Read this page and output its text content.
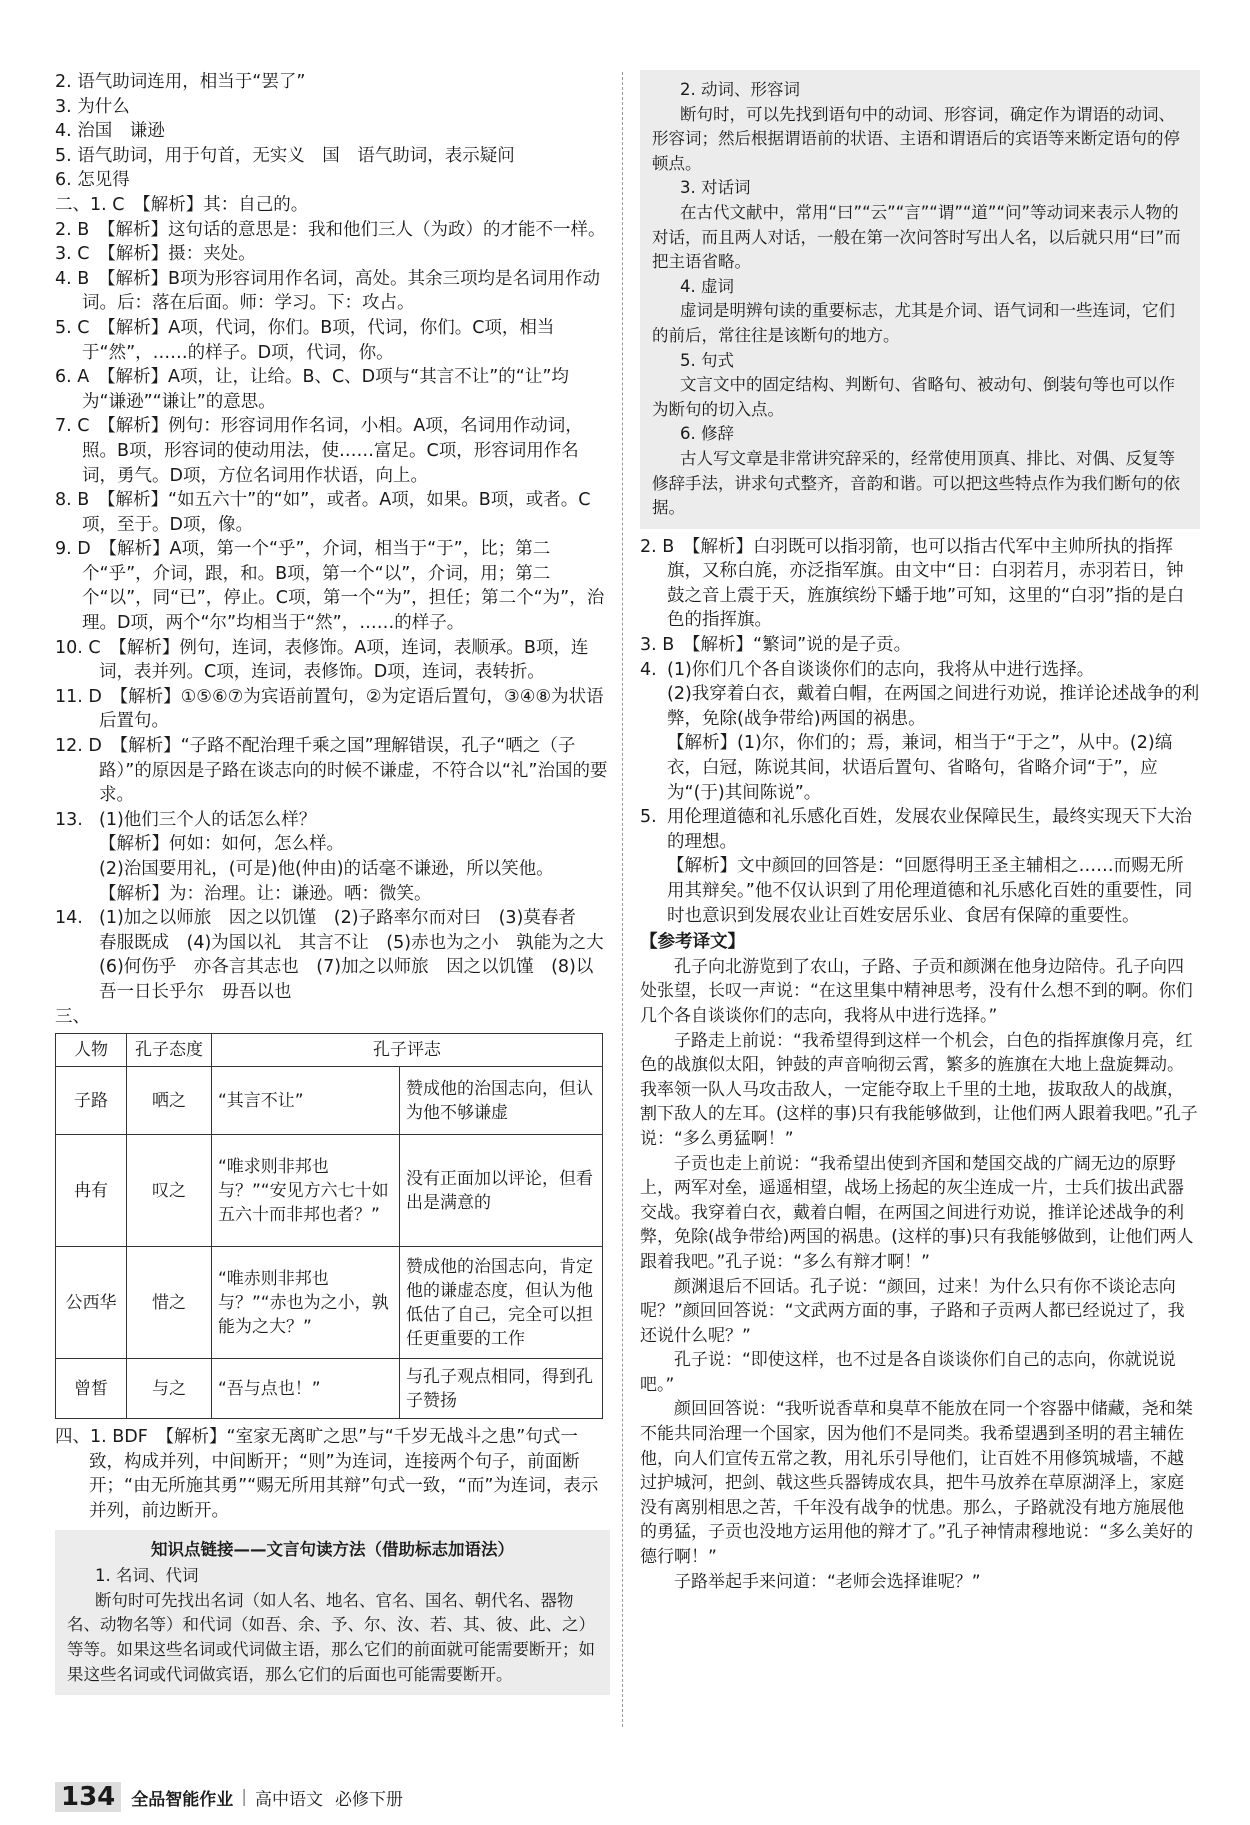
2. 语气助词连用，相当于“罢了”

3. 为什么

4. 治国　谦逊

5. 语气助词，用于句首，无实义　国　语气助词，表示疑问

6. 怎见得

二、1. C　【解析】其：自己的。

2. B　【解析】这句话的意思是：我和他们三人（为政）的才能不一样。

3. C　【解析】摄：夹处。

4. B　【解析】B项为形容词用作名词，高处。其余三项均是名词用作动词。后：落在后面。师：学习。下：攻占。

5. C　【解析】A项，代词，你们。B项，代词，你们。C项，相当于“然”，……的样子。D项，代词，你。

6. A　【解析】A项，让，让给。B、C、D项与“其言不让”的“让”均为“谦逊”“谦让”的意思。

7. C　【解析】例句：形容词用作名词，小相。A项，名词用作动词，照。B项，形容词的使动用法，使……富足。C项，形容词用作名词，勇气。D项，方位名词用作状语，向上。

8. B　【解析】“如五六十”的“如”，或者。A项，如果。B项，或者。C项，至于。D项，像。

9. D　【解析】A项，第一个“乎”，介词，相当于“于”，比；第二个“乎”，介词，跟，和。B项，第一个“以”，介词，用；第二个“以”，同“已”，停止。C项，第一个“为”，担任；第二个“为”，治理。D项，两个“尔”均相当于“然”，……的样子。

10. C　【解析】例句，连词，表修饰。A项，连词，表顺承。B项，连词，表并列。C项，连词，表修饰。D项，连词，表转折。

11. D　【解析】①⑤⑥⑦为宾语前置句，②为定语后置句，③④⑧为状语后置句。

12. D　【解析】“子路不配治理千乘之国”理解错误，孔子“哂之（子路）”的原因是子路在谈志向的时候不谦虚，不符合以“礼”治国的要求。

13. (1)他们三个人的话怎么样？

【解析】何如：如何，怎么样。

(2)治国要用礼，(可是)他(仲由)的话毫不谦逊，所以笑他。

【解析】为：治理。让：谦逊。哂：微笑。

14. (1)加之以师旅　因之以饥馑　(2)子路率尔而对曰　(3)莫春者　春服既成　(4)为国以礼　其言不让　(5)赤也为之小　孰能为之大　(6)何伤乎　亦各言其志也　(7)加之以师旅　因之以饥馑　(8)以吾一日长乎尔　毋吾以也

三、

人物	孔子态度	孔子评志	
子路	哂之	“其言不让”	赞成他的治国志向，但认为他不够谦虚
冉有	叹之	“唯求则非邦也与？”“安见方六七十如五六十而非邦也者？”	没有正面加以评论，但看出是满意的
公西华	惜之	“唯赤则非邦也与？”“赤也为之小，孰能为之大？”	赞成他的治国志向，肯定他的谦虚态度，但认为他低估了自己，完全可以担任更重要的工作
曾皙	与之	“吾与点也！”	与孔子观点相同，得到孔子赞扬

四、1. BDF　【解析】“室家无离旷之思”与“千岁无战斗之患”句式一致，构成并列，中间断开；“则”为连词，连接两个句子，前面断开；“由无所施其勇”“赐无所用其辩”句式一致，“而”为连词，表示并列，前边断开。

知识点链接——文言句读方法（借助标志加语法）

1. 名词、代词

断句时可先找出名词（如人名、地名、官名、国名、朝代名、器物名、动物名等）和代词（如吾、余、予、尔、汝、若、其、彼、此、之）等等。如果这些名词或代词做主语，那么它们的前面就可能需要断开；如果这些名词或代词做宾语，那么它们的后面也可能需要断开。

2. 动词、形容词

断句时，可以先找到语句中的动词、形容词，确定作为谓语的动词、形容词；然后根据谓语前的状语、主语和谓语后的宾语等来断定语句的停顿点。

3. 对话词

在古代文献中，常用“曰”“云”“言”“谓”“道”“问”等动词来表示人物的对话，而且两人对话，一般在第一次问答时写出人名，以后就只用“曰”而把主语省略。

4. 虚词

虚词是明辨句读的重要标志，尤其是介词、语气词和一些连词，它们的前后，常往往是该断句的地方。

5. 句式

文言文中的固定结构、判断句、省略句、被动句、倒装句等也可以作为断句的切入点。

6. 修辞

古人写文章是非常讲究辞采的，经常使用顶真、排比、对偶、反复等修辞手法，讲求句式整齐，音韵和谐。可以把这些特点作为我们断句的依据。

2. B　【解析】白羽既可以指羽箭，也可以指古代军中主帅所执的指挥旗，又称白旄，亦泛指军旗。由文中“日：白羽若月，赤羽若日，钟鼓之音上震于天，旌旗缤纷下蟠于地”可知，这里的“白羽”指的是白色的指挥旗。

3. B　【解析】“繁词”说的是子贡。

4. (1)你们几个各自谈谈你们的志向，我将从中进行选择。

(2)我穿着白衣，戴着白帽，在两国之间进行劝说，推详论述战争的利弊，免除(战争带给)两国的祸患。

【解析】(1)尔，你们的；焉，兼词，相当于“于之”，从中。(2)缟衣，白冠，陈说其间，状语后置句、省略句，省略介词“于”，应为“(于)其间陈说”。

5. 用伦理道德和礼乐感化百姓，发展农业保障民生，最终实现天下大治的理想。

【解析】文中颜回的回答是：“回愿得明王圣主辅相之……而赐无所用其辩矣。”他不仅认识到了用伦理道德和礼乐感化百姓的重要性，同时也意识到发展农业让百姓安居乐业、食居有保障的重要性。

【参考译文】

孔子向北游览到了农山，子路、子贡和颜渊在他身边陪侍。孔子向四处张望，长叹一声说：“在这里集中精神思考，没有什么想不到的啊。你们几个各自谈谈你们的志向，我将从中进行选择。”

子路走上前说：“我希望得到这样一个机会，白色的指挥旗像月亮，红色的战旗似太阳，钟鼓的声音响彻云霄，繁多的旌旗在大地上盘旋舞动。我率领一队人马攻击敌人，一定能夺取上千里的土地，拔取敌人的战旗，割下敌人的左耳。(这样的事)只有我能够做到，让他们两人跟着我吧。”孔子说：“多么勇猛啊！”

子贡也走上前说：“我希望出使到齐国和楚国交战的广阔无边的原野上，两军对垒，遥遥相望，战场上扬起的灰尘连成一片，士兵们拔出武器交战。我穿着白衣，戴着白帽，在两国之间进行劝说，推详论述战争的利弊，免除(战争带给)两国的祸患。(这样的事)只有我能够做到，让他们两人跟着我吧。”孔子说：“多么有辩才啊！”

颜渊退后不回话。孔子说：“颜回，过来！为什么只有你不谈论志向呢？”颜回回答说：“文武两方面的事，子路和子贡两人都已经说过了，我还说什么呢？”

孔子说：“即使这样，也不过是各自谈谈你们自己的志向，你就说说吧。”

颜回回答说：“我听说香草和臭草不能放在同一个容器中储藏，尧和桀不能共同治理一个国家，因为他们不是同类。我希望遇到圣明的君主辅佐他，向人们宣传五常之教，用礼乐引导他们，让百姓不用修筑城墙，不越过护城河，把剑、戟这些兵器铸成农具，把牛马放养在草原湖泽上，家庭没有离别相思之苦，千年没有战争的忧患。那么，子路就没有地方施展他的勇猛，子贡也没地方运用他的辩才了。”孔子神情肃穆地说：“多么美好的德行啊！”

子路举起手来问道：“老师会选择谁呢？”

134 全品智能作业 | 高中语文 必修下册
